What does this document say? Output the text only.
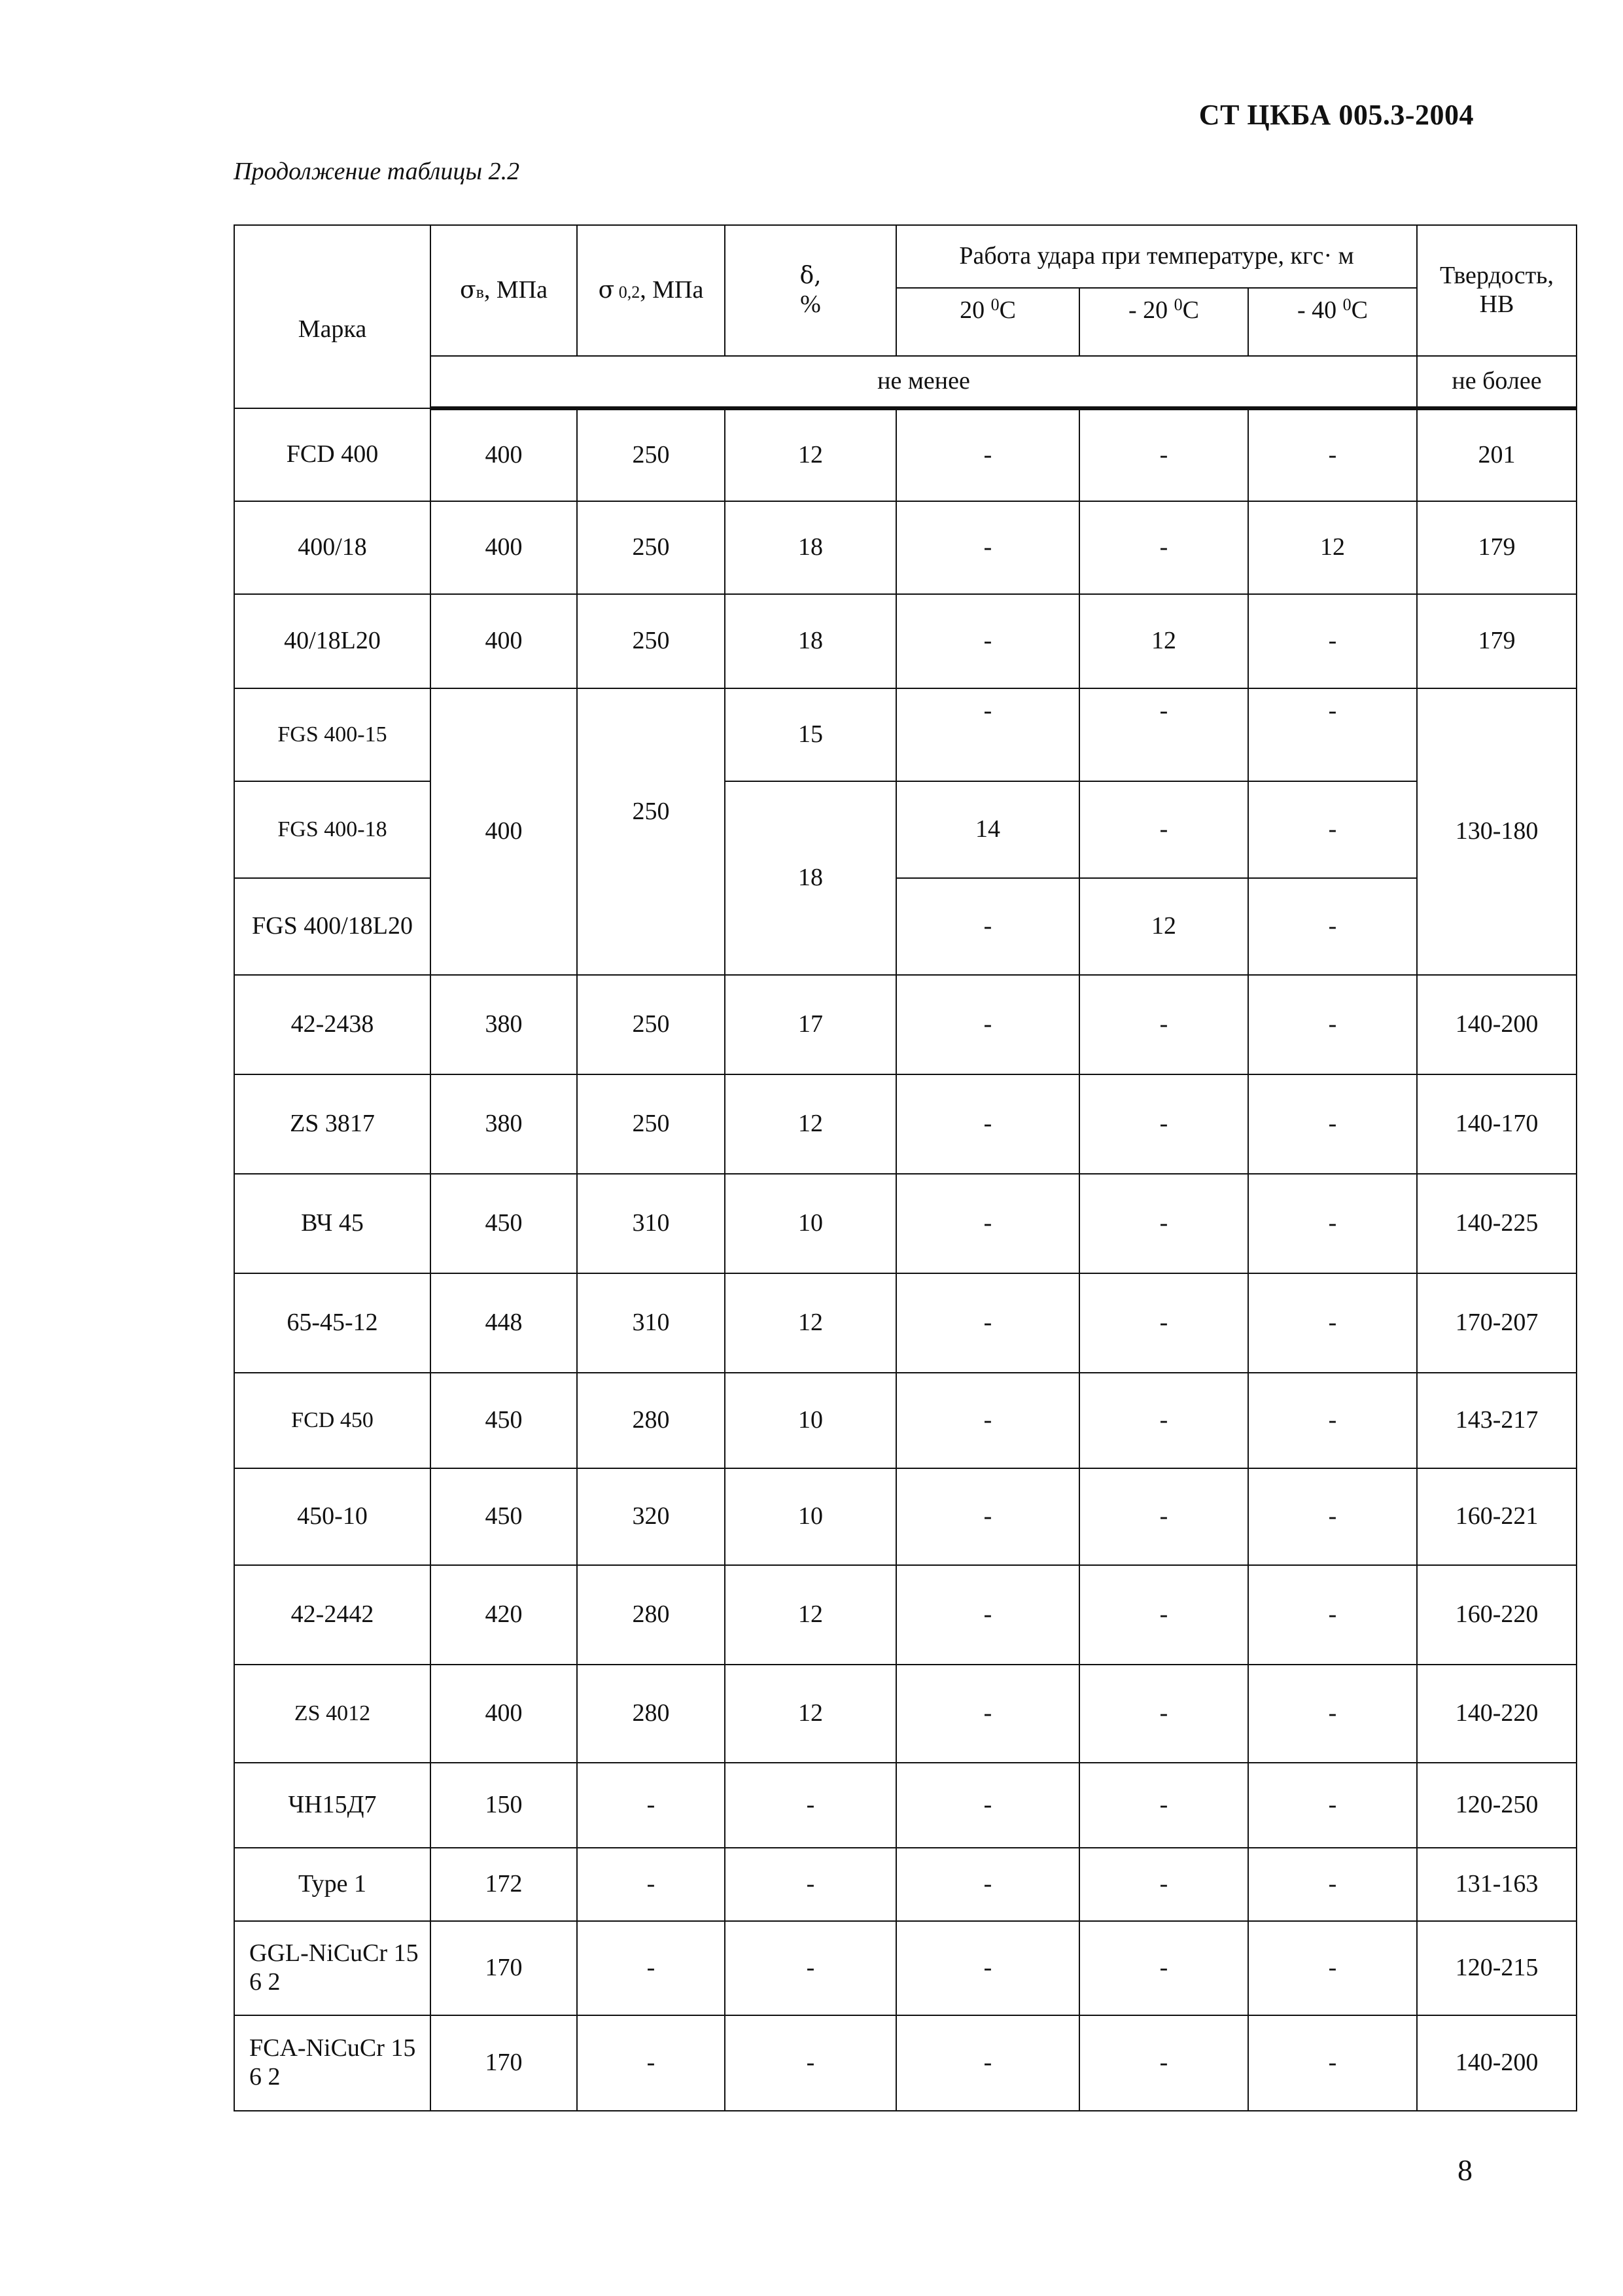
СТ ЦКБА 005.3-2004
Продолжение таблицы 2.2
Марка	σв, МПа	σ 0,2, МПа	δ,
%	Работа удара при температуре, кгс· м			Твердость, НВ
				20 $^0$C	- 20 $^0$C	- 40 $^0$C	
	не менее						не более
FCD 400	400	250	12	-	-	-	201
400/18	400	250	18	-	-	12	179
40/18L20	400	250	18	-	12	-	179
FGS 400-15	400	250	15	-	-	-	130-180
FGS 400-18			18	14	-	-	
FGS 400/18L20				-	12	-	
42-2438	380	250	17	-	-	-	140-200
ZS 3817	380	250	12	-	-	-	140-170
ВЧ 45	450	310	10	-	-	-	140-225
65-45-12	448	310	12	-	-	-	170-207
FCD 450	450	280	10	-	-	-	143-217
450-10	450	320	10	-	-	-	160-221
42-2442	420	280	12	-	-	-	160-220
ZS 4012	400	280	12	-	-	-	140-220
ЧН15Д7	150	-	-	-	-	-	120-250
Type 1	172	-	-	-	-	-	131-163
GGL-NiCuCr 15 6 2	170	-	-	-	-	-	120-215
FCA-NiCuCr 15 6 2	170	-	-	-	-	-	140-200
8
